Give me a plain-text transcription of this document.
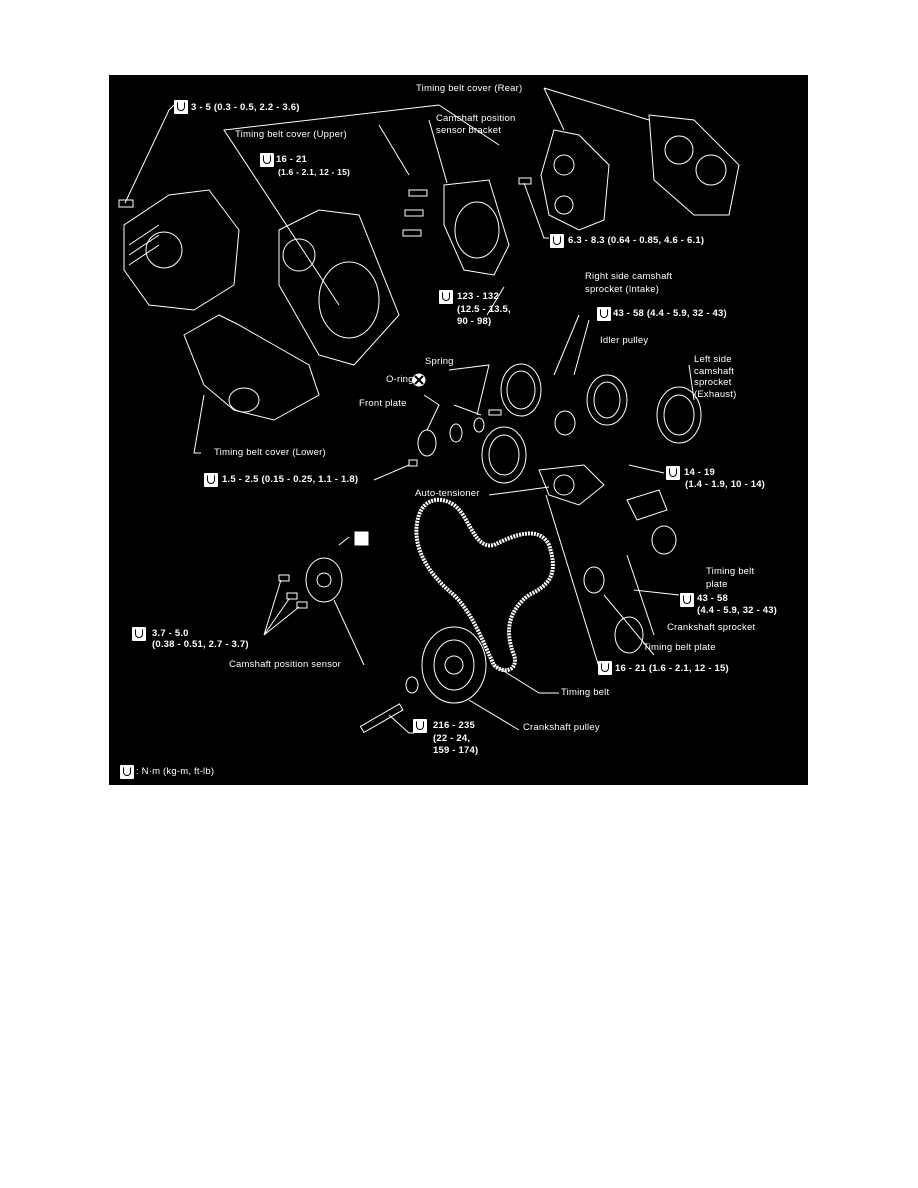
3 - 5 (0.3 - 0.5, 2.2 - 3.6)
Timing belt cover (Upper)
16 - 21
(1.6 - 2.1, 12 - 15)
Timing belt cover (Rear)
Camshaft position
sensor bracket
6.3 - 8.3 (0.64 - 0.85, 4.6 - 6.1)
Right side camshaft
sprocket (Intake)
123 - 132
(12.5 - 13.5,
90 - 98)
43 - 58 (4.4 - 5.9, 32 - 43)
Idler pulley
Left side
camshaft
sprocket
(Exhaust)
Spring
O-ring
Front plate
Timing belt cover (Lower)
1.5 - 2.5 (0.15 - 0.25, 1.1 - 1.8)
14 - 19
(1.4 - 1.9, 10 - 14)
Auto-tensioner
Timing belt
plate
43 - 58
(4.4 - 5.9, 32 - 43)
Crankshaft sprocket
Timing belt plate
16 - 21 (1.6 - 2.1, 12 - 15)
Timing belt
3.7 - 5.0
(0.38 - 0.51, 2.7 - 3.7)
Camshaft position sensor
216 - 235
(22 - 24,
159 - 174)
Crankshaft pulley
: N·m (kg-m, ft-lb)
